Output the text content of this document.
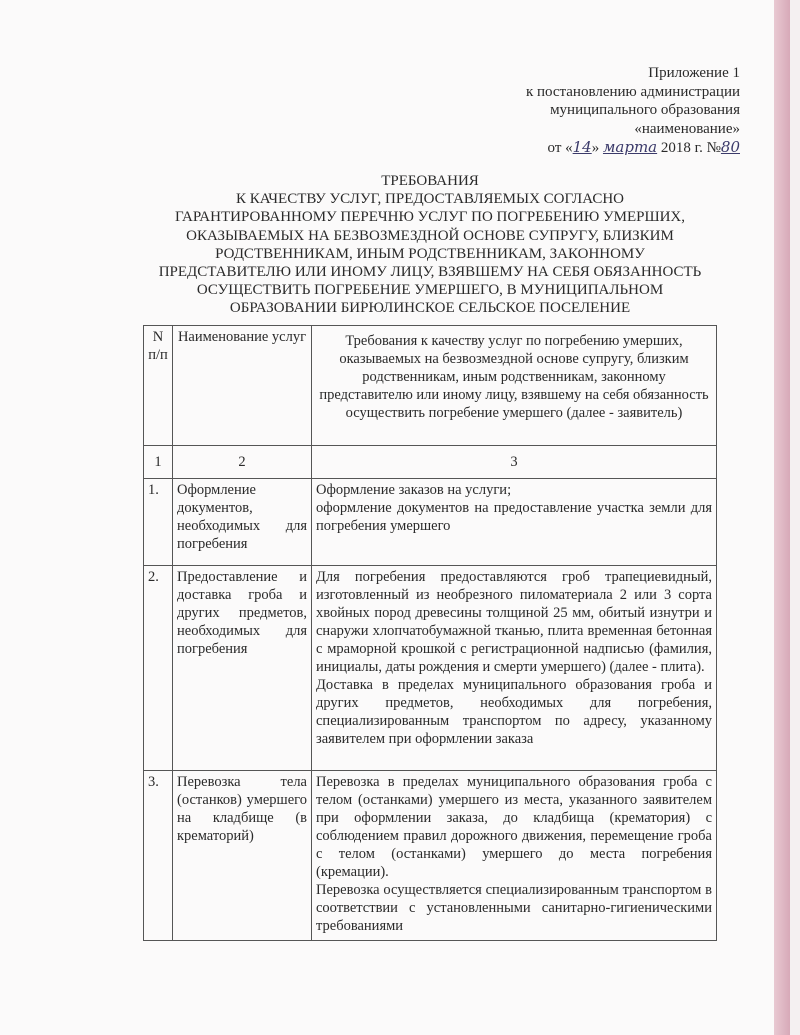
Приложение 1
к постановлению администрации
муниципального образования
«наименование»
от «14» марта 2018 г. №80
ТРЕБОВАНИЯ
К КАЧЕСТВУ УСЛУГ, ПРЕДОСТАВЛЯЕМЫХ СОГЛАСНО
ГАРАНТИРОВАННОМУ ПЕРЕЧНЮ УСЛУГ ПО ПОГРЕБЕНИЮ УМЕРШИХ,
ОКАЗЫВАЕМЫХ НА БЕЗВОЗМЕЗДНОЙ ОСНОВЕ СУПРУГУ, БЛИЗКИМ
РОДСТВЕННИКАМ, ИНЫМ РОДСТВЕННИКАМ, ЗАКОННОМУ
ПРЕДСТАВИТЕЛЮ ИЛИ ИНОМУ ЛИЦУ, ВЗЯВШЕМУ НА СЕБЯ ОБЯЗАННОСТЬ
ОСУЩЕСТВИТЬ ПОГРЕБЕНИЕ УМЕРШЕГО, В МУНИЦИПАЛЬНОМ
ОБРАЗОВАНИИ БИРЮЛИНСКОЕ СЕЛЬСКОЕ ПОСЕЛЕНИЕ
N п/п	Наименование услуг	Требования к качеству услуг по погребению умерших, оказываемых на безвозмездной основе супругу, близким родственникам, иным родственникам, законному представителю или иному лицу, взявшему на себя обязанность осуществить погребение умершего (далее - заявитель)
1	2	3
1.	Оформление документов, необходимых для погребения	Оформление заказов на услуги;
оформление документов на предоставление участка земли для погребения умершего

2.	Предоставление и доставка гроба и других предметов, необходимых для погребения	Для погребения предоставляются гроб трапециевидный, изготовленный из необрезного пиломатериала 2 или 3 сорта хвойных пород древесины толщиной 25 мм, обитый изнутри и снаружи хлопчатобумажной тканью, плита временная бетонная с мраморной крошкой с регистрационной надписью (фамилия, инициалы, даты рождения и смерти умершего) (далее - плита).
Доставка в пределах муниципального образования гроба и других предметов, необходимых для погребения, специализированным транспортом по адресу, указанному заявителем при оформлении заказа

3.	Перевозка тела (останков) умершего на кладбище (в крематорий)	Перевозка в пределах муниципального образования гроба с телом (останками) умершего из места, указанного заявителем при оформлении заказа, до кладбища (крематория) с соблюдением правил дорожного движения, перемещение гроба с телом (останками) умершего до места погребения (кремации).
Перевозка осуществляется специализированным транспортом в соответствии с установленными санитарно-гигиеническими требованиями
